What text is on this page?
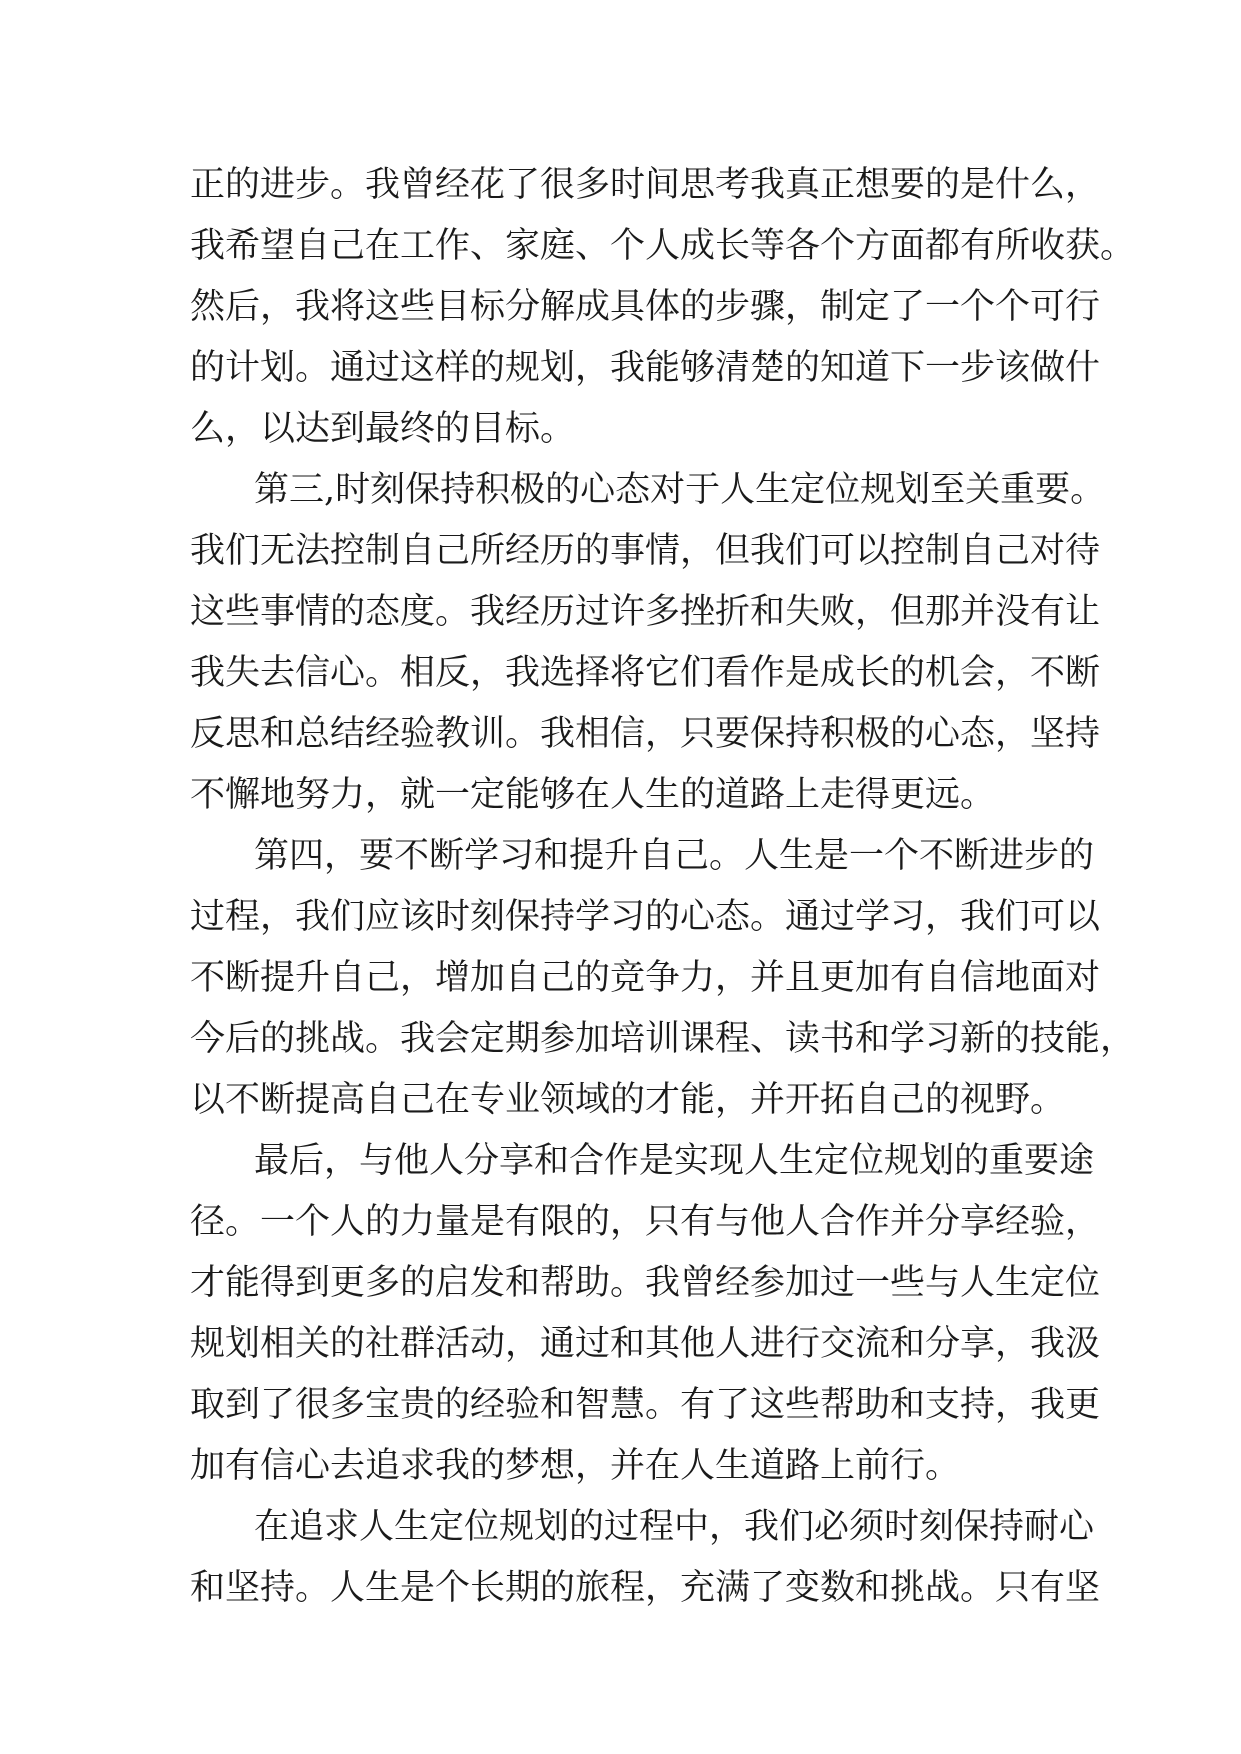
正的进步。我曾经花了很多时间思考我真正想要的是什么，
我希望自己在工作、家庭、个人成长等各个方面都有所收获。
然后，我将这些目标分解成具体的步骤，制定了一个个可行
的计划。通过这样的规划，我能够清楚的知道下一步该做什
么，以达到最终的目标。
第三,时刻保持积极的心态对于人生定位规划至关重要。
我们无法控制自己所经历的事情，但我们可以控制自己对待
这些事情的态度。我经历过许多挫折和失败，但那并没有让
我失去信心。相反，我选择将它们看作是成长的机会，不断
反思和总结经验教训。我相信，只要保持积极的心态，坚持
不懈地努力，就一定能够在人生的道路上走得更远。
第四，要不断学习和提升自己。人生是一个不断进步的
过程，我们应该时刻保持学习的心态。通过学习，我们可以
不断提升自己，增加自己的竞争力，并且更加有自信地面对
今后的挑战。我会定期参加培训课程、读书和学习新的技能，
以不断提高自己在专业领域的才能，并开拓自己的视野。
最后，与他人分享和合作是实现人生定位规划的重要途
径。一个人的力量是有限的，只有与他人合作并分享经验，
才能得到更多的启发和帮助。我曾经参加过一些与人生定位
规划相关的社群活动，通过和其他人进行交流和分享，我汲
取到了很多宝贵的经验和智慧。有了这些帮助和支持，我更
加有信心去追求我的梦想，并在人生道路上前行。
在追求人生定位规划的过程中，我们必须时刻保持耐心
和坚持。人生是个长期的旅程，充满了变数和挑战。只有坚
